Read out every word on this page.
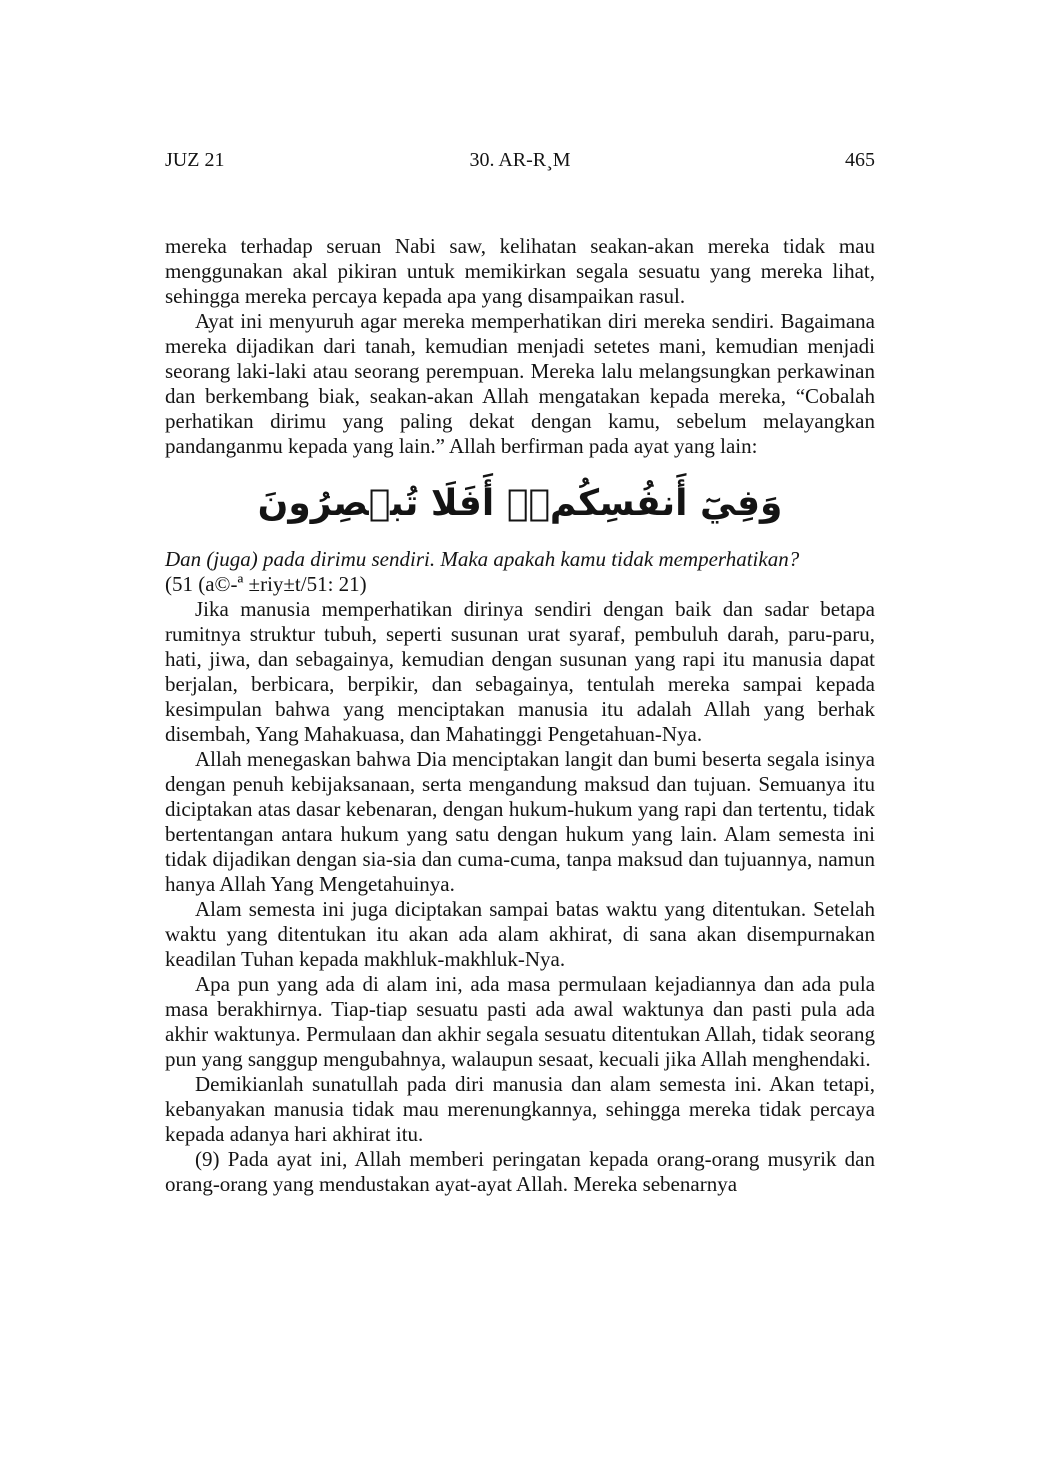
JUZ 21	30. AR-R¸M	465

mereka terhadap seruan Nabi saw, kelihatan seakan-akan mereka tidak mau menggunakan akal pikiran untuk memikirkan segala sesuatu yang mereka lihat, sehingga mereka percaya kepada apa yang disampaikan rasul.

Ayat ini menyuruh agar mereka memperhatikan diri mereka sendiri. Bagaimana mereka dijadikan dari tanah, kemudian menjadi setetes mani, kemudian menjadi seorang laki-laki atau seorang perempuan. Mereka lalu melangsungkan perkawinan dan berkembang biak, seakan-akan Allah mengatakan kepada mereka, “Cobalah perhatikan dirimu yang paling dekat dengan kamu, sebelum melayangkan pandanganmu kepada yang lain.” Allah berfirman pada ayat yang lain:

وَفِيٓ أَنفُسِكُمۡۚ أَفَلَا تُبۡصِرُونَ

Dan (juga) pada dirimu sendiri. Maka apakah kamu tidak memperhatikan?

(51 (a©-ª ±riy±t/51: 21)

Jika manusia memperhatikan dirinya sendiri dengan baik dan sadar betapa rumitnya struktur tubuh, seperti susunan urat syaraf, pembuluh darah, paru-paru, hati, jiwa, dan sebagainya, kemudian dengan susunan yang rapi itu manusia dapat berjalan, berbicara, berpikir, dan sebagainya, tentulah mereka sampai kepada kesimpulan bahwa yang menciptakan manusia itu adalah Allah yang berhak disembah, Yang Mahakuasa, dan Mahatinggi Pengetahuan-Nya.

Allah menegaskan bahwa Dia menciptakan langit dan bumi beserta segala isinya dengan penuh kebijaksanaan, serta mengandung maksud dan tujuan. Semuanya itu diciptakan atas dasar kebenaran, dengan hukum-hukum yang rapi dan tertentu, tidak bertentangan antara hukum yang satu dengan hukum yang lain. Alam semesta ini tidak dijadikan dengan sia-sia dan cuma-cuma, tanpa maksud dan tujuannya, namun hanya Allah Yang Mengetahuinya.

Alam semesta ini juga diciptakan sampai batas waktu yang ditentukan. Setelah waktu yang ditentukan itu akan ada alam akhirat, di sana akan disempurnakan keadilan Tuhan kepada makhluk-makhluk-Nya.

Apa pun yang ada di alam ini, ada masa permulaan kejadiannya dan ada pula masa berakhirnya. Tiap-tiap sesuatu pasti ada awal waktunya dan pasti pula ada akhir waktunya. Permulaan dan akhir segala sesuatu ditentukan Allah, tidak seorang pun yang sanggup mengubahnya, walaupun sesaat, kecuali jika Allah menghendaki.

Demikianlah sunatullah pada diri manusia dan alam semesta ini. Akan tetapi, kebanyakan manusia tidak mau merenungkannya, sehingga mereka tidak percaya kepada adanya hari akhirat itu.

(9) Pada ayat ini, Allah memberi peringatan kepada orang-orang musyrik dan orang-orang yang mendustakan ayat-ayat Allah. Mereka sebenarnya
